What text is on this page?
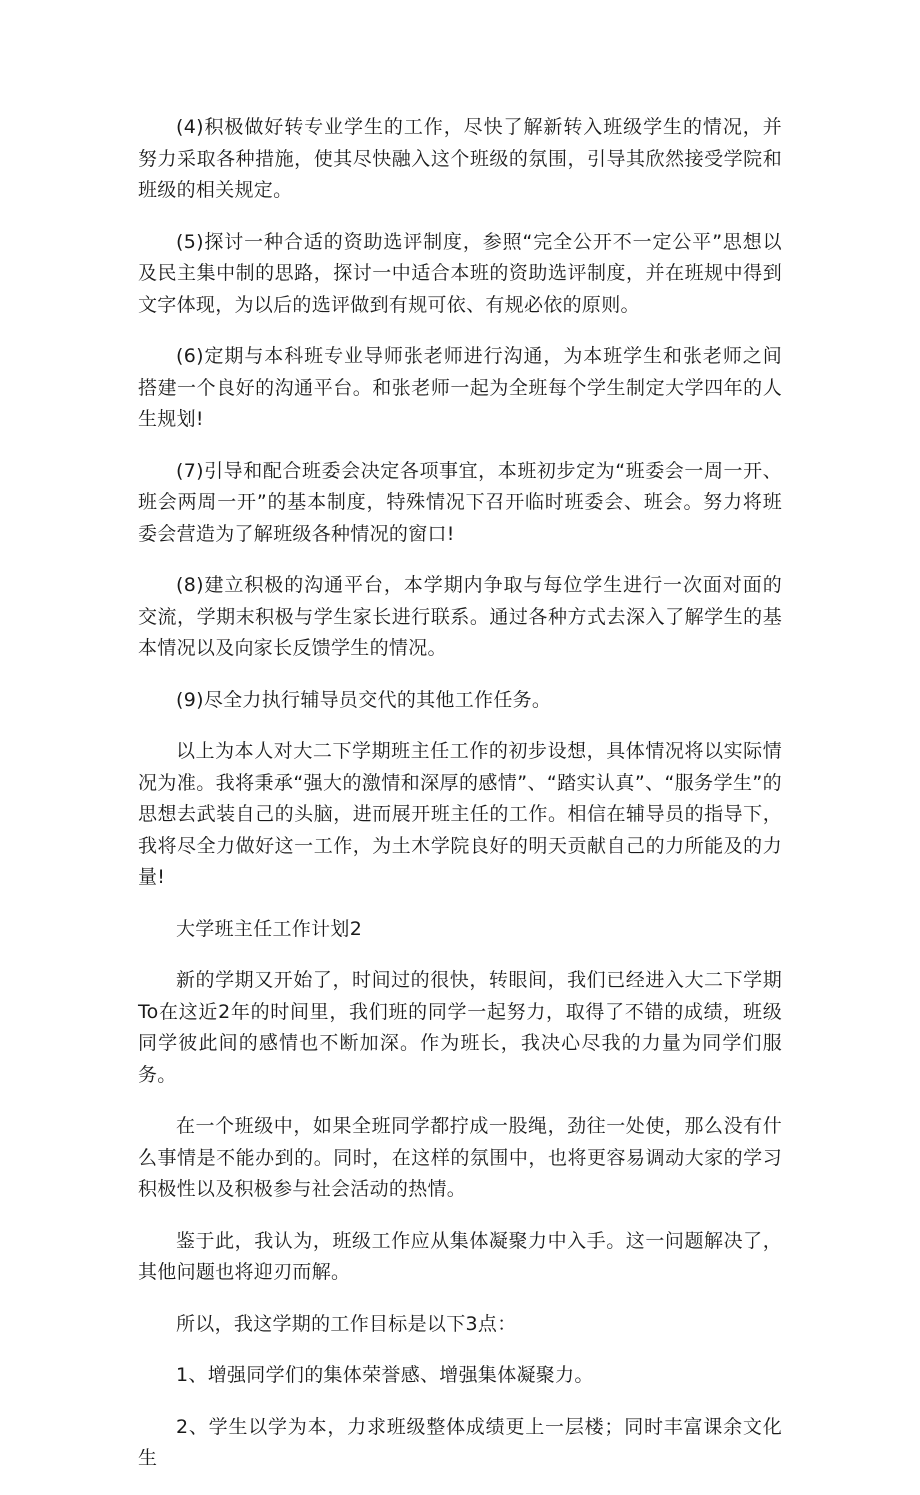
(4)积极做好转专业学生的工作，尽快了解新转入班级学生的情况，并努力采取各种措施，使其尽快融入这个班级的氛围，引导其欣然接受学院和班级的相关规定。

(5)探讨一种合适的资助选评制度，参照“完全公开不一定公平”思想以及民主集中制的思路，探讨一中适合本班的资助选评制度，并在班规中得到文字体现，为以后的选评做到有规可依、有规必依的原则。

(6)定期与本科班专业导师张老师进行沟通，为本班学生和张老师之间搭建一个良好的沟通平台。和张老师一起为全班每个学生制定大学四年的人生规划!

(7)引导和配合班委会决定各项事宜，本班初步定为“班委会一周一开、班会两周一开”的基本制度，特殊情况下召开临时班委会、班会。努力将班委会营造为了解班级各种情况的窗口!

(8)建立积极的沟通平台，本学期内争取与每位学生进行一次面对面的交流，学期末积极与学生家长进行联系。通过各种方式去深入了解学生的基本情况以及向家长反馈学生的情况。

(9)尽全力执行辅导员交代的其他工作任务。

以上为本人对大二下学期班主任工作的初步设想，具体情况将以实际情况为准。我将秉承“强大的激情和深厚的感情”、“踏实认真”、“服务学生”的思想去武装自己的头脑，进而展开班主任的工作。相信在辅导员的指导下，我将尽全力做好这一工作，为土木学院良好的明天贡献自己的力所能及的力量!

大学班主任工作计划2

新的学期又开始了，时间过的很快，转眼间，我们已经进入大二下学期To在这近2年的时间里，我们班的同学一起努力，取得了不错的成绩，班级同学彼此间的感情也不断加深。作为班长，我决心尽我的力量为同学们服务。

在一个班级中，如果全班同学都拧成一股绳，劲往一处使，那么没有什么事情是不能办到的。同时，在这样的氛围中，也将更容易调动大家的学习积极性以及积极参与社会活动的热情。

鉴于此，我认为，班级工作应从集体凝聚力中入手。这一问题解决了，其他问题也将迎刃而解。

所以，我这学期的工作目标是以下3点：

1、增强同学们的集体荣誉感、增强集体凝聚力。

2、学生以学为本，力求班级整体成绩更上一层楼；同时丰富课余文化生
